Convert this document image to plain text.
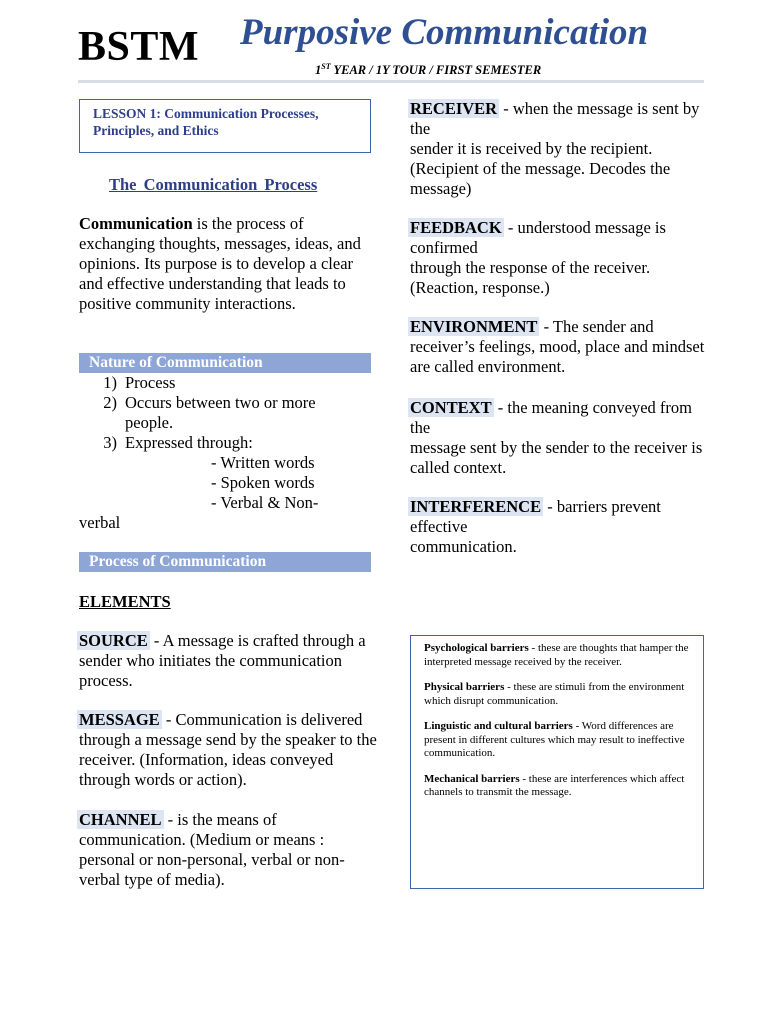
BSTM Purposive Communication
1ST YEAR / 1Y TOUR / FIRST SEMESTER
LESSON 1: Communication Processes,
Principles, and Ethics
The Communication Process
Communication is the process of exchanging thoughts, messages, ideas, and opinions. Its purpose is to develop a clear and effective understanding that leads to positive community interactions.
Nature of Communication
1) Process
2) Occurs between two or more people.
3) Expressed through:
- Written words
- Spoken words
- Verbal & Non-
verbal
Process of Communication
ELEMENTS
SOURCE - A message is crafted through a sender who initiates the communication process.
MESSAGE - Communication is delivered through a message send by the speaker to the receiver. (Information, ideas conveyed through words or action).
CHANNEL - is the means of communication. (Medium or means : personal or non-personal, verbal or non-verbal type of media).
RECEIVER - when the message is sent by the
sender it is received by the recipient. (Recipient of the message. Decodes the message)
FEEDBACK - understood message is confirmed
through the response of the receiver. (Reaction, response.)
ENVIRONMENT - The sender and receiver’s feelings, mood, place and mindset are called environment.
CONTEXT - the meaning conveyed from the
message sent by the sender to the receiver is called context.
INTERFERENCE - barriers prevent effective
communication.

Psychological barriers - these are thoughts that hamper the interpreted message received by the receiver.

Physical barriers - these are stimuli from the environment which disrupt communication.

Linguistic and cultural barriers - Word differences are present in different cultures which may result to ineffective communication.

Mechanical barriers - these are interferences which affect channels to transmit the message.
